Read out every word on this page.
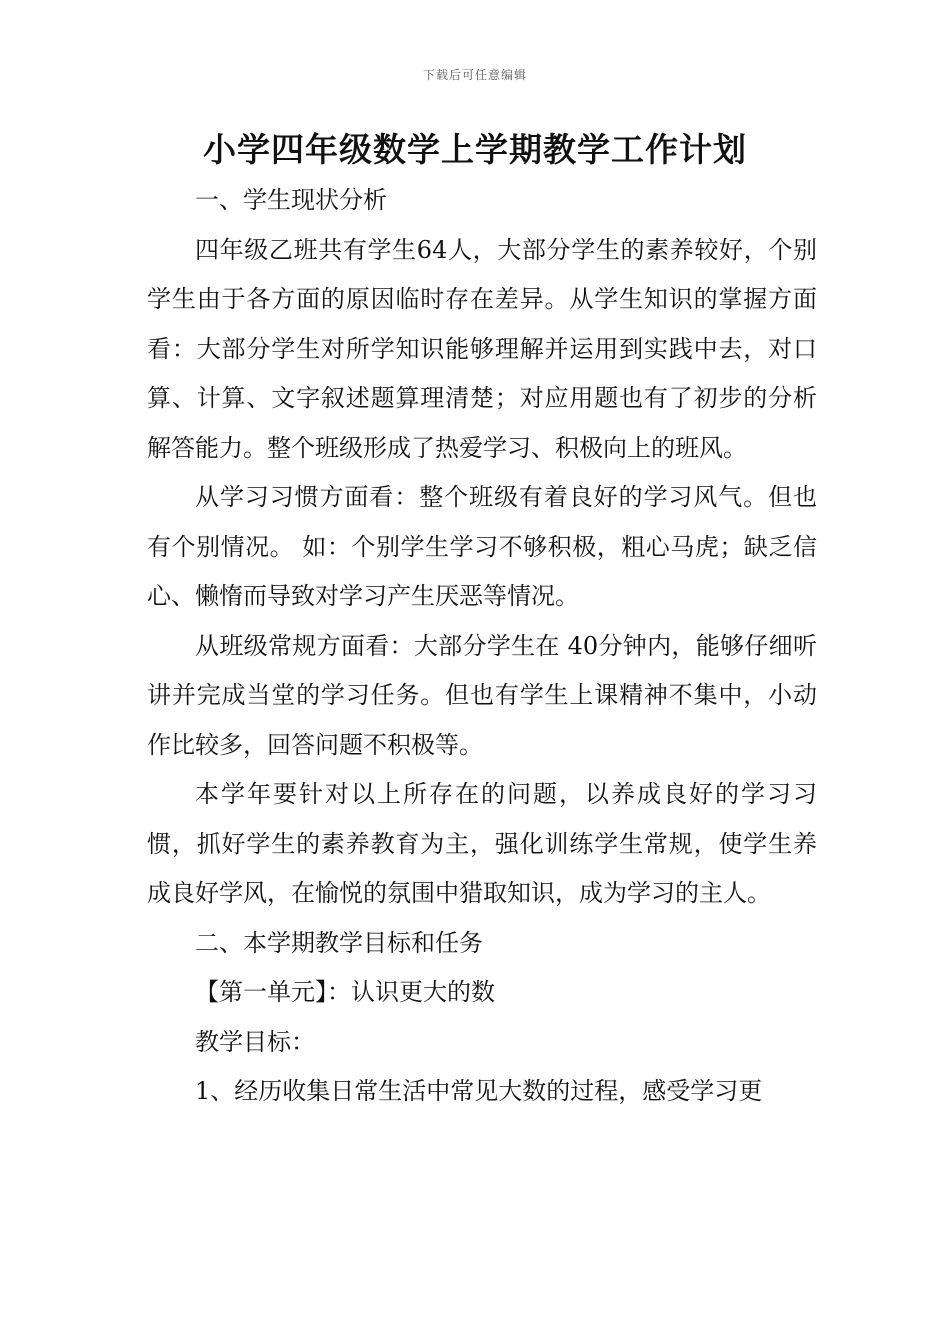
下载后可任意编辑
小学四年级数学上学期教学工作计划

一、学生现状分析

四年级乙班共有学生64人，大部分学生的素养较好，个别学生由于各方面的原因临时存在差异。从学生知识的掌握方面看：大部分学生对所学知识能够理解并运用到实践中去，对口算、计算、文字叙述题算理清楚；对应用题也有了初步的分析解答能力。整个班级形成了热爱学习、积极向上的班风。

从学习习惯方面看：整个班级有着良好的学习风气。但也有个别情况。 如：个别学生学习不够积极，粗心马虎；缺乏信心、懒惰而导致对学习产生厌恶等情况。

从班级常规方面看：大部分学生在 40分钟内，能够仔细听讲并完成当堂的学习任务。但也有学生上课精神不集中，小动作比较多，回答问题不积极等。

本学年要针对以上所存在的问题，以养成良好的学习习惯，抓好学生的素养教育为主，强化训练学生常规，使学生养成良好学风，在愉悦的氛围中猎取知识，成为学习的主人。

二、本学期教学目标和任务

【第一单元】：认识更大的数

教学目标：

1、经历收集日常生活中常见大数的过程，感受学习更
